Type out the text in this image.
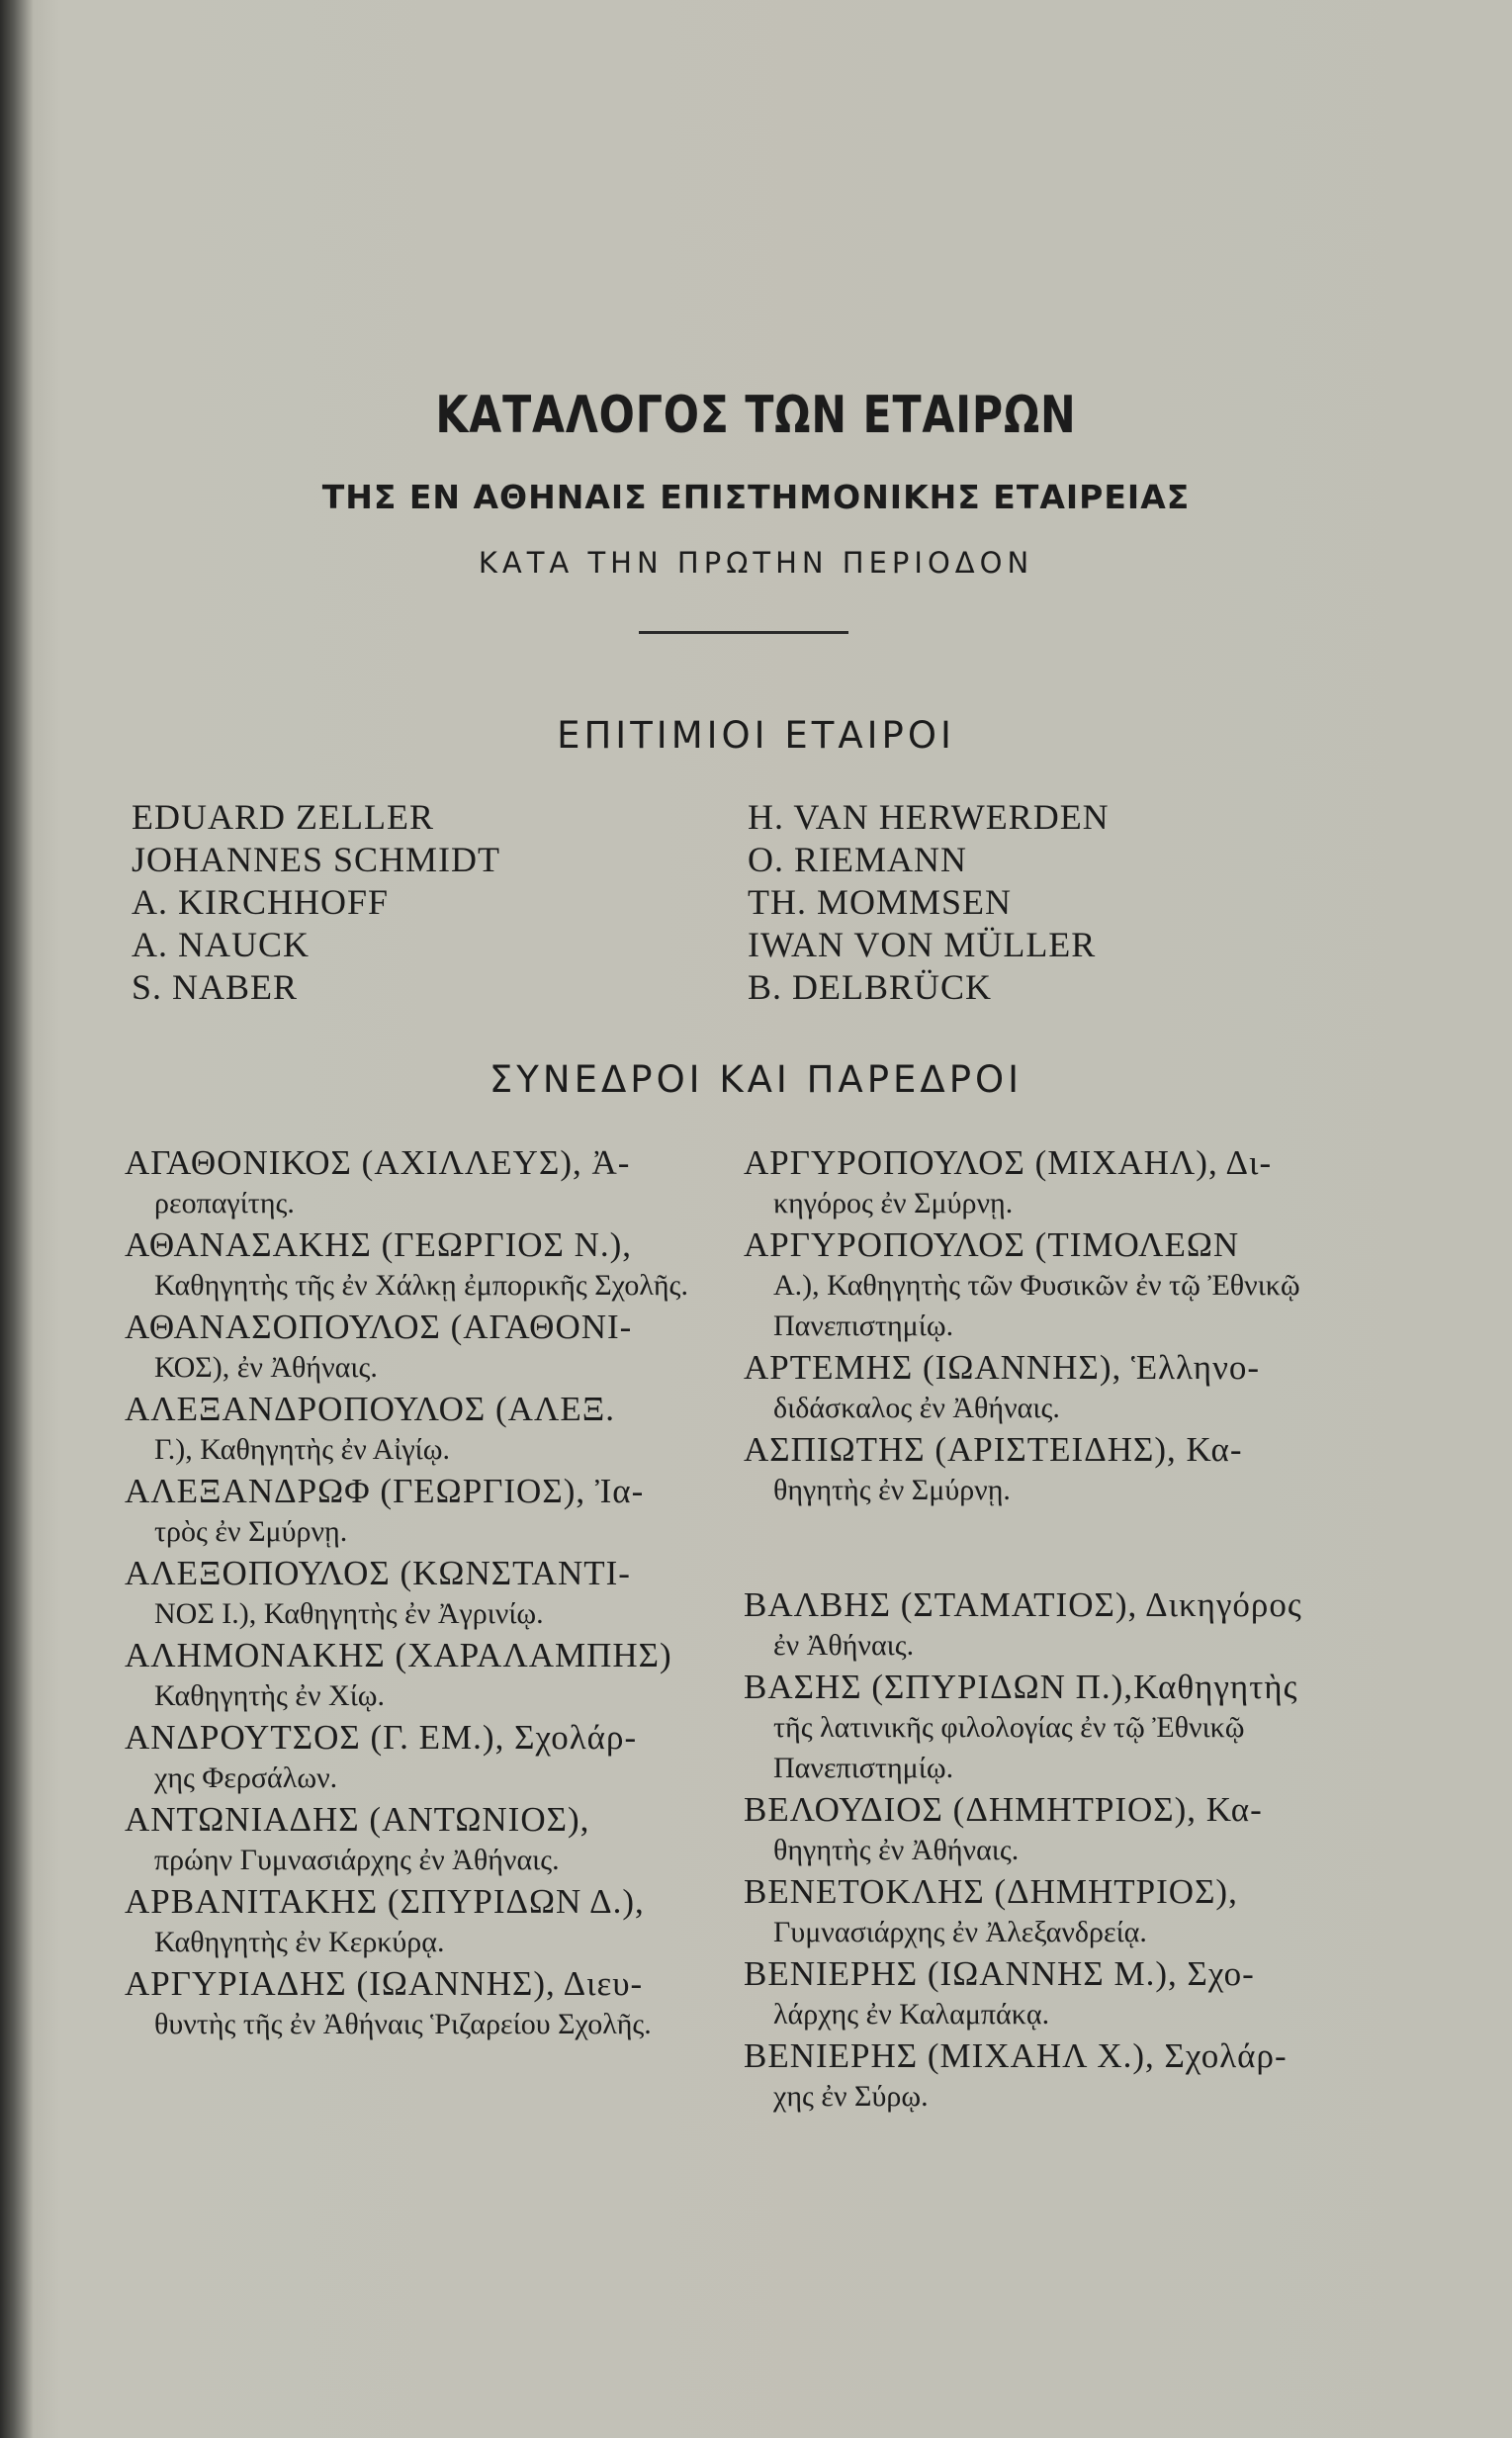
ΚΑΤΑΛΟΓΟΣ ΤΩΝ ΕΤΑΙΡΩΝ
ΤΗΣ ΕΝ ΑΘΗΝΑΙΣ ΕΠΙΣΤΗΜΟΝΙΚΗΣ ΕΤΑΙΡΕΙΑΣ
ΚΑΤΑ ΤΗΝ ΠΡΩΤΗΝ ΠΕΡΙΟΔΟΝ
ΕΠΙΤΙΜΙΟΙ ΕΤΑΙΡΟΙ
EDUARD ZELLER
JOHANNES SCHMIDT
A. KIRCHHOFF
A. NAUCK
S. NABER
H. VAN HERWERDEN
O. RIEMANN
TH. MOMMSEN
IWAN VON MÜLLER
B. DELBRÜCK
ΣΥΝΕΔΡΟΙ ΚΑΙ ΠΑΡΕΔΡΟΙ
ΑΓΑΘΟΝΙΚΟΣ (ΑΧΙΛΛΕΥΣ), Ἀ-
ρεοπαγίτης.
ΑΘΑΝΑΣΑΚΗΣ (ΓΕΩΡΓΙΟΣ Ν.),
Καθηγητὴς τῆς ἐν Χάλκῃ ἐμπορικῆς Σχολῆς.
ΑΘΑΝΑΣΟΠΟΥΛΟΣ (ΑΓΑΘΟΝΙ-
ΚΟΣ), ἐν Ἀθήναις.
ΑΛΕΞΑΝΔΡΟΠΟΥΛΟΣ (ΑΛΕΞ.
Γ.), Καθηγητὴς ἐν Αἰγίῳ.
ΑΛΕΞΑΝΔΡΩΦ (ΓΕΩΡΓΙΟΣ), Ἰα-
τρὸς ἐν Σμύρνῃ.
ΑΛΕΞΟΠΟΥΛΟΣ (ΚΩΝΣΤΑΝΤΙ-
ΝΟΣ Ι.), Καθηγητὴς ἐν Ἀγρινίῳ.
ΑΛΗΜΟΝΑΚΗΣ (ΧΑΡΑΛΑΜΠΗΣ)
Καθηγητὴς ἐν Χίῳ.
ΑΝΔΡΟΥΤΣΟΣ (Γ. ΕΜ.), Σχολάρ-
χης Φερσάλων.
ΑΝΤΩΝΙΑΔΗΣ (ΑΝΤΩΝΙΟΣ),
πρώην Γυμνασιάρχης ἐν Ἀθήναις.
ΑΡΒΑΝΙΤΑΚΗΣ (ΣΠΥΡΙΔΩΝ Δ.),
Καθηγητὴς ἐν Κερκύρᾳ.
ΑΡΓΥΡΙΑΔΗΣ (ΙΩΑΝΝΗΣ), Διευ-
θυντὴς τῆς ἐν Ἀθήναις Ῥιζαρείου Σχολῆς.
ΑΡΓΥΡΟΠΟΥΛΟΣ (ΜΙΧΑΗΛ), Δι-
κηγόρος ἐν Σμύρνῃ.
ΑΡΓΥΡΟΠΟΥΛΟΣ (ΤΙΜΟΛΕΩΝ
Α.), Καθηγητὴς τῶν Φυσικῶν ἐν τῷ Ἐθνικῷ Πανεπιστημίῳ.
ΑΡΤΕΜΗΣ (ΙΩΑΝΝΗΣ), Ἑλληνο-
διδάσκαλος ἐν Ἀθήναις.
ΑΣΠΙΩΤΗΣ (ΑΡΙΣΤΕΙΔΗΣ), Κα-
θηγητὴς ἐν Σμύρνῃ.
ΒΑΛΒΗΣ (ΣΤΑΜΑΤΙΟΣ), Δικηγόρος
ἐν Ἀθήναις.
ΒΑΣΗΣ (ΣΠΥΡΙΔΩΝ Π.),Καθηγητὴς
τῆς λατινικῆς φιλολογίας ἐν τῷ Ἐθνικῷ Πανεπιστημίῳ.
ΒΕΛΟΥΔΙΟΣ (ΔΗΜΗΤΡΙΟΣ), Κα-
θηγητὴς ἐν Ἀθήναις.
ΒΕΝΕΤΟΚΛΗΣ (ΔΗΜΗΤΡΙΟΣ),
Γυμνασιάρχης ἐν Ἀλεξανδρείᾳ.
ΒΕΝΙΕΡΗΣ (ΙΩΑΝΝΗΣ Μ.), Σχο-
λάρχης ἐν Καλαμπάκᾳ.
ΒΕΝΙΕΡΗΣ (ΜΙΧΑΗΛ Χ.), Σχολάρ-
χης ἐν Σύρῳ.
